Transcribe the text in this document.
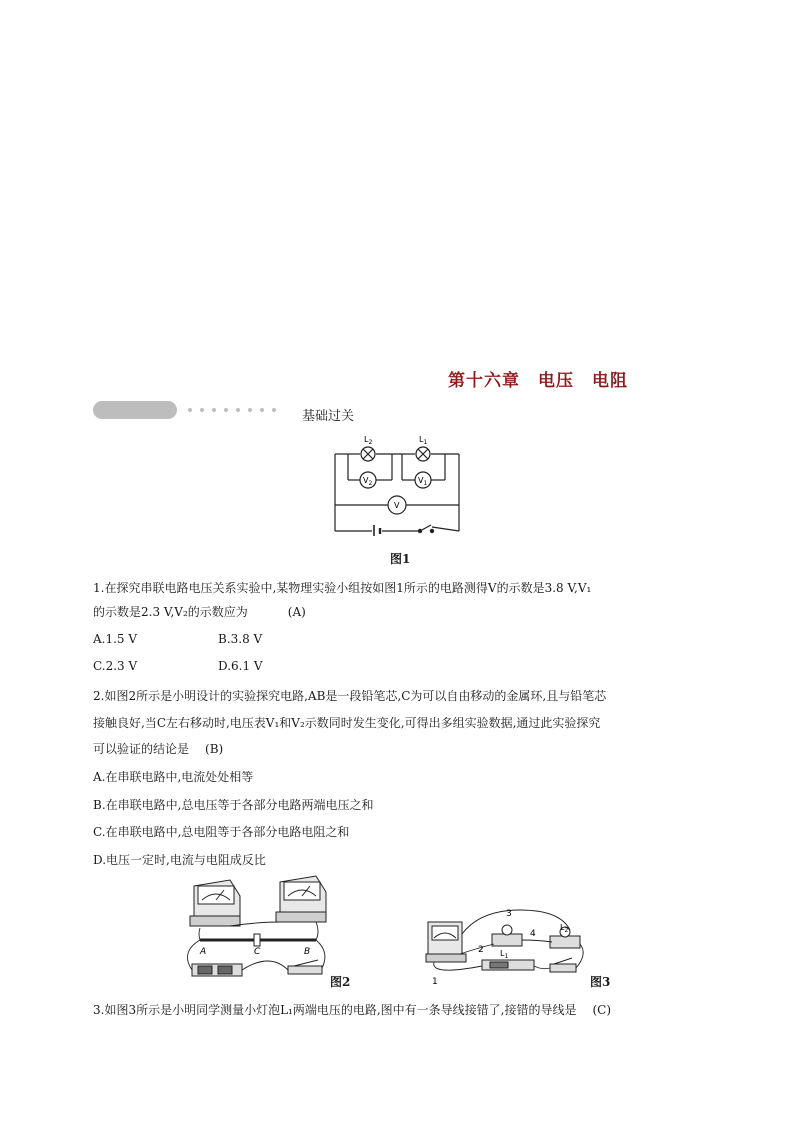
第十六章　电压　电阻
基础过关
$L_2$	$L_1$
$V_2$	$V_1$
V
图1
1.在探究串联电路电压关系实验中,某物理实验小组按如图1所示的电路测得V的示数是3.8 V,V₁
的示数是2.3 V,V₂的示数应为	(A)
A.1.5 V	B.3.8 V
C.2.3 V	D.6.1 V
2.如图2所示是小明设计的实验探究电路,AB是一段铅笔芯,C为可以自由移动的金属环,且与铅笔芯
接触良好,当C左右移动时,电压表V₁和V₂示数同时发生变化,可得出多组实验数据,通过此实验探究
可以验证的结论是 (B)
A.在串联电路中,电流处处相等
B.在串联电路中,总电压等于各部分电路两端电压之和
C.在串联电路中,总电阻等于各部分电路电阻之和
D.电压一定时,电流与电阻成反比
A	C	B
图2
3
2
4
1
$L_1$
$L_2$
图3
3.如图3所示是小明同学测量小灯泡L₁两端电压的电路,图中有一条导线接错了,接错的导线是 (C)
